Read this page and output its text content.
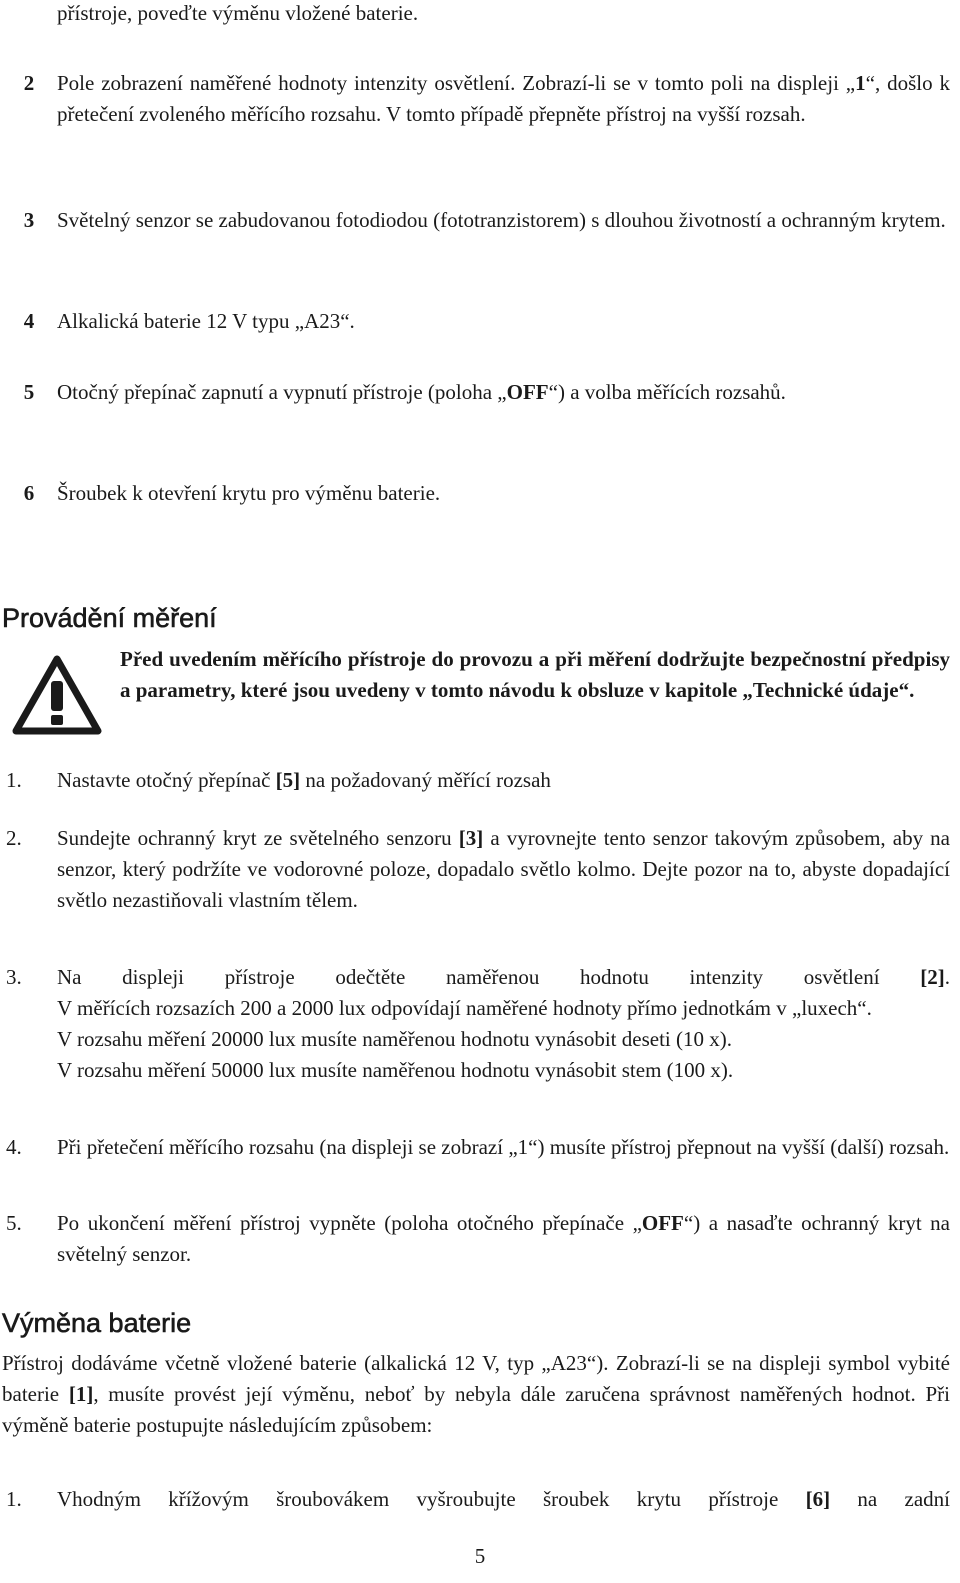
přístroje, poveďte výměnu vložené baterie.
2	Pole zobrazení naměřené hodnoty intenzity osvětlení. Zobrazí-li se v tomto poli na displeji „1“, došlo k přetečení zvoleného měřícího rozsahu. V tomto případě přepněte přístroj na vyšší rozsah.
3	Světelný senzor se zabudovanou fotodiodou (fototranzistorem) s dlouhou životností a ochranným krytem.
4	Alkalická baterie 12 V typu „A23“.
5	Otočný přepínač zapnutí a vypnutí přístroje (poloha „OFF“) a volba měřících rozsahů.
6	Šroubek k otevření krytu pro výměnu baterie.
Provádění měření
Před uvedením měřícího přístroje do provozu a při měření dodržujte bezpečnostní předpisy a parametry, které jsou uvedeny v tomto návodu k obsluze v kapitole „Technické údaje“.
1.	Nastavte otočný přepínač [5] na požadovaný měřící rozsah
2.	Sundejte ochranný kryt ze světelného senzoru [3] a vyrovnejte tento senzor takovým způsobem, aby na senzor, který podržíte ve vodorovné poloze, dopadalo světlo kolmo. Dejte pozor na to, abyste dopadající světlo nezastiňovali vlastním tělem.
3.	Na displeji přístroje odečtěte naměřenou hodnotu intenzity osvětlení [2].
V měřících rozsazích 200 a 2000 lux odpovídají naměřené hodnoty přímo jednotkám v „luxech“.
V rozsahu měření 20000 lux musíte naměřenou hodnotu vynásobit deseti (10 x).
V rozsahu měření 50000 lux musíte naměřenou hodnotu vynásobit stem (100 x).
4.	Při přetečení měřícího rozsahu (na displeji se zobrazí „1“) musíte přístroj přepnout na vyšší (další) rozsah.
5.	Po ukončení měření přístroj vypněte (poloha otočného přepínače „OFF“) a nasaďte ochranný kryt na světelný senzor.
Výměna baterie
Přístroj dodáváme včetně vložené baterie (alkalická 12 V, typ „A23“). Zobrazí-li se na displeji symbol vybité baterie [1], musíte provést její výměnu, neboť by nebyla dále zaručena správnost naměřených hodnot. Při výměně baterie postupujte následujícím způsobem:
1.	Vhodným křížovým šroubovákem vyšroubujte šroubek krytu přístroje [6] na zadní
5
